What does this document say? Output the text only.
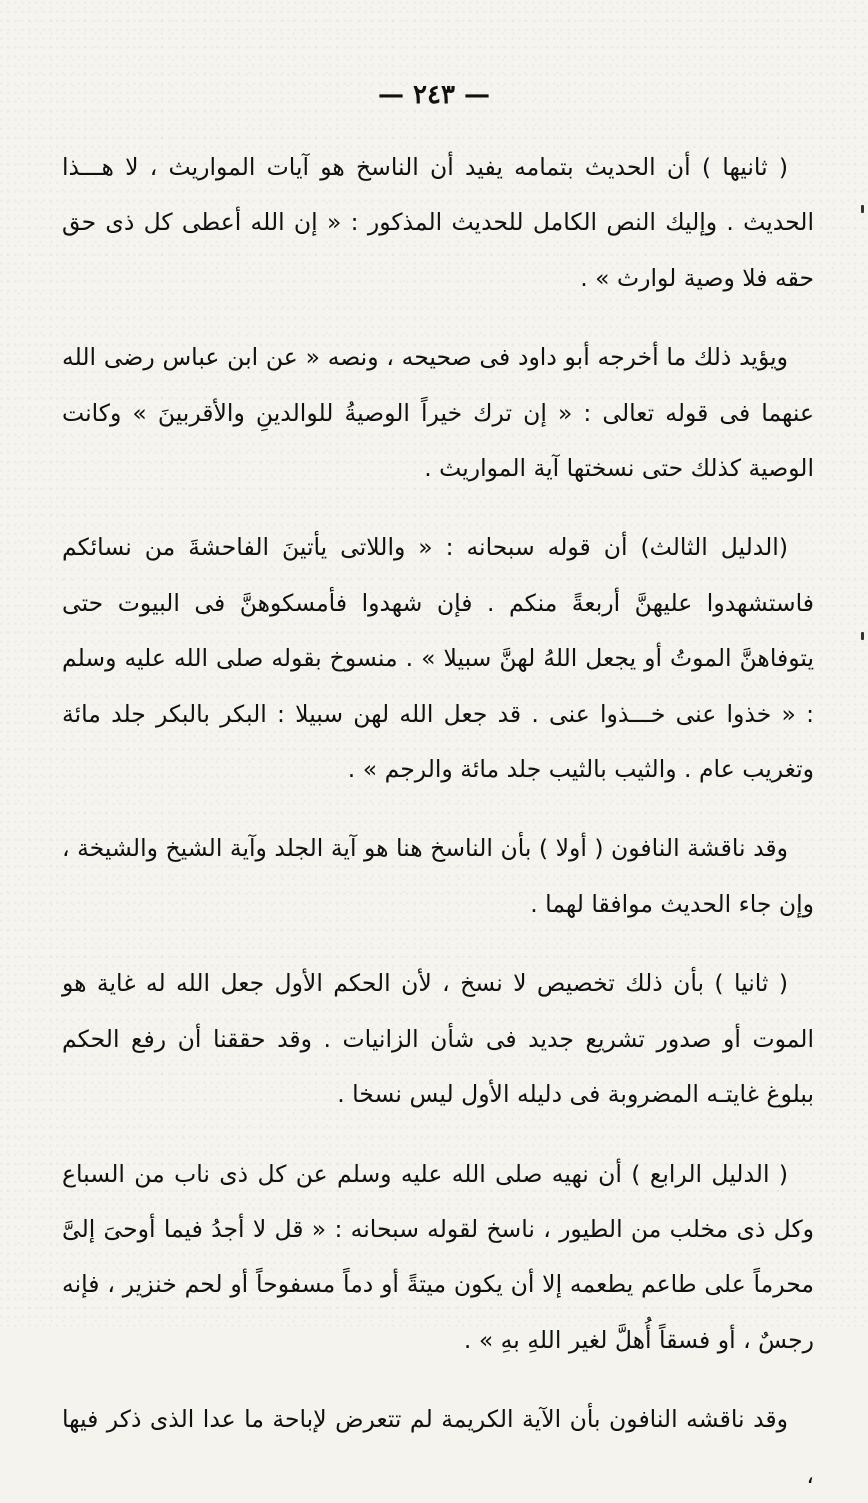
— ٢٤٣ —

( ثانيها ) أن الحديث بتمامه يفيد أن الناسخ هو آيات المواريث ، لا هـــذا الحديث . وإليك النص الكامل للحديث المذكور : « إن الله أعطى كل ذى حق حقه فلا وصية لوارث » .

ويؤيد ذلك ما أخرجه أبو داود فى صحيحه ، ونصه « عن ابن عباس رضى الله عنهما فى قوله تعالى : « إن ترك خيراً الوصيةُ للوالدينِ والأقربينَ » وكانت الوصية كذلك حتى نسختها آية المواريث .

(الدليل الثالث) أن قوله سبحانه : « واللاتى يأتينَ الفاحشةَ من نسائكم فاستشهدوا عليهنَّ أربعةً منكم . فإن شهدوا فأمسكوهنَّ فى البيوت حتى يتوفاهنَّ الموتُ أو يجعل اللهُ لهنَّ سبيلا » . منسوخ بقوله صلى الله عليه وسلم : « خذوا عنى خـــذوا عنى . قد جعل الله لهن سبيلا : البكر بالبكر جلد مائة وتغريب عام . والثيب بالثيب جلد مائة والرجم » .

وقد ناقشة النافون ( أولا ) بأن الناسخ هنا هو آية الجلد وآية الشيخ والشيخة ، وإن جاء الحديث موافقا لهما .

( ثانيا ) بأن ذلك تخصيص لا نسخ ، لأن الحكم الأول جعل الله له غاية هو الموت أو صدور تشريع جديد فى شأن الزانيات . وقد حققنا أن رفع الحكم ببلوغ غايتـه المضروبة فى دليله الأول ليس نسخا .

( الدليل الرابع ) أن نهيه صلى الله عليه وسلم عن كل ذى ناب من السباع وكل ذى مخلب من الطيور ، ناسخ لقوله سبحانه : « قل لا أجدُ فيما أوحىَ إلىَّ محرماً على طاعم يطعمه إلا أن يكون ميتةً أو دماً مسفوحاً أو لحم خنزير ، فإنه رجسٌ ، أو فسقاً أُهلَّ لغير اللهِ بهِ » .

وقد ناقشه النافون بأن الآية الكريمة لم تتعرض لإباحة ما عدا الذى ذكر فيها ،
